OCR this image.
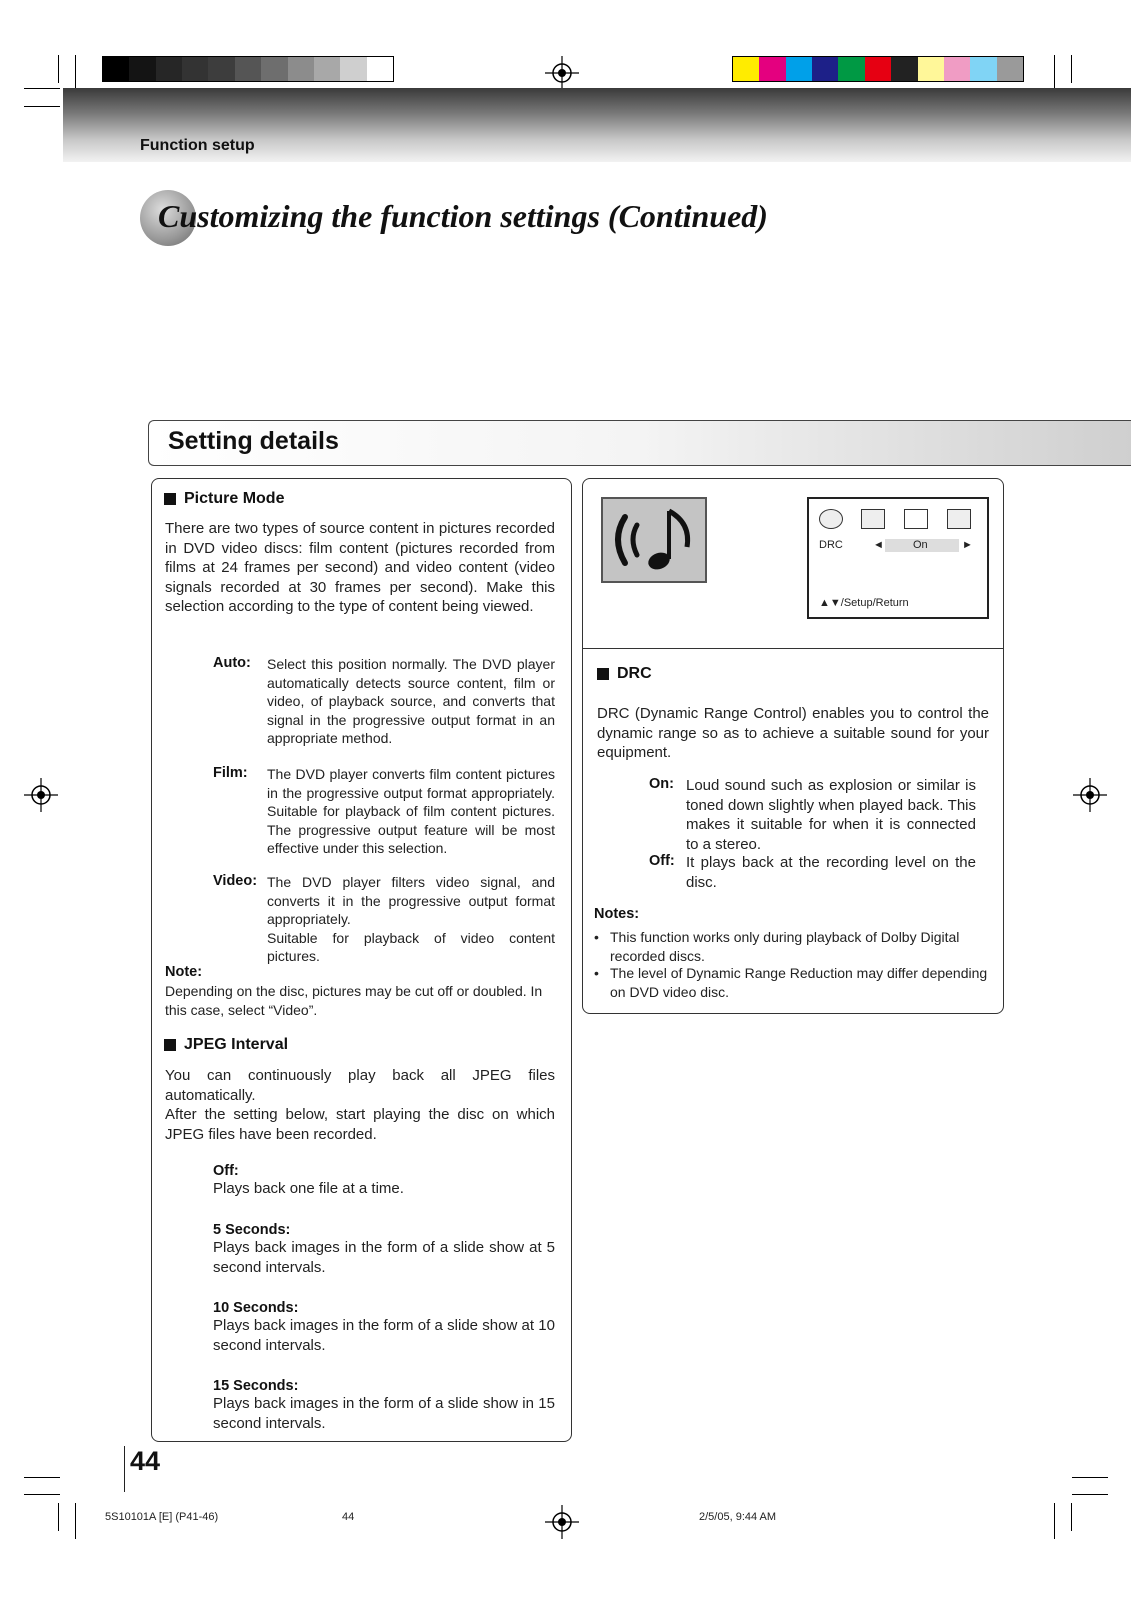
Function setup
Customizing the function settings (Continued)
Setting details
Picture Mode
There are two types of source content in pictures recorded in DVD video discs: film content (pictures recorded from films at 24 frames per second) and video content (video signals recorded at 30 frames per second). Make this selection according to the type of content being viewed.
Auto: Select this position normally. The DVD player automatically detects source content, film or video, of playback source, and converts that signal in the progressive output format in an appropriate method.
Film: The DVD player converts film content pictures in the progressive output format appropriately. Suitable for playback of film content pictures. The progressive output feature will be most effective under this selection.
Video: The DVD player filters video signal, and converts it in the progressive output format appropriately.
Suitable for playback of video content pictures.
Note:
Depending on the disc, pictures may be cut off or doubled. In this case, select “Video”.
JPEG Interval
You can continuously play back all JPEG files automatically.
After the setting below, start playing the disc on which JPEG files have been recorded.
Off:
Plays back one file at a time.
5 Seconds:
Plays back images in the form of a slide show at 5 second intervals.
10 Seconds:
Plays back images in the form of a slide show at 10 second intervals.
15 Seconds:
Plays back images in the form of a slide show in 15 second intervals.
DRC	◄	On	►
▲▼/Setup/Return
DRC
DRC (Dynamic Range Control) enables you to control the dynamic range so as to achieve a suitable sound for your equipment.
On: Loud sound such as explosion or similar is toned down slightly when played back. This makes it suitable for when it is connected to a stereo.
Off: It plays back at the recording level on the disc.
Notes:
• This function works only during playback of Dolby Digital recorded discs.
• The level of Dynamic Range Reduction may differ depending on DVD video disc.
44
5S10101A [E] (P41-46)	44	2/5/05, 9:44 AM
